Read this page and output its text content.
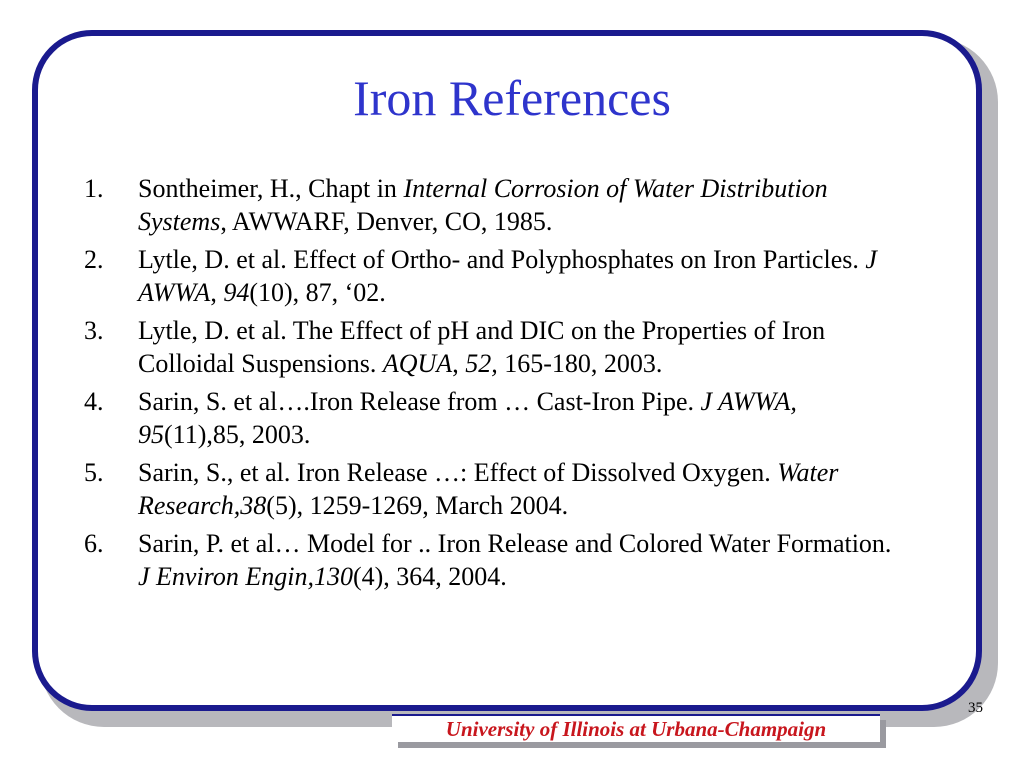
Iron References
1.	Sontheimer, H., Chapt in Internal Corrosion of Water Distribution Systems, AWWARF, Denver, CO, 1985.
2.	Lytle, D. et al. Effect of Ortho- and Polyphosphates on Iron Particles. J AWWA, 94(10), 87, ‘02.
3.	Lytle, D. et al. The Effect of pH and DIC on the Properties of Iron Colloidal Suspensions. AQUA, 52, 165-180, 2003.
4.	Sarin, S. et al….Iron Release from … Cast-Iron Pipe. J AWWA, 95(11),85, 2003.
5.	Sarin, S., et al. Iron Release …: Effect of Dissolved Oxygen. Water Research,38(5), 1259-1269, March 2004.
6.	Sarin, P. et al… Model for .. Iron Release and Colored Water Formation. J Environ Engin,130(4), 364, 2004.
University of Illinois at Urbana-Champaign
35
